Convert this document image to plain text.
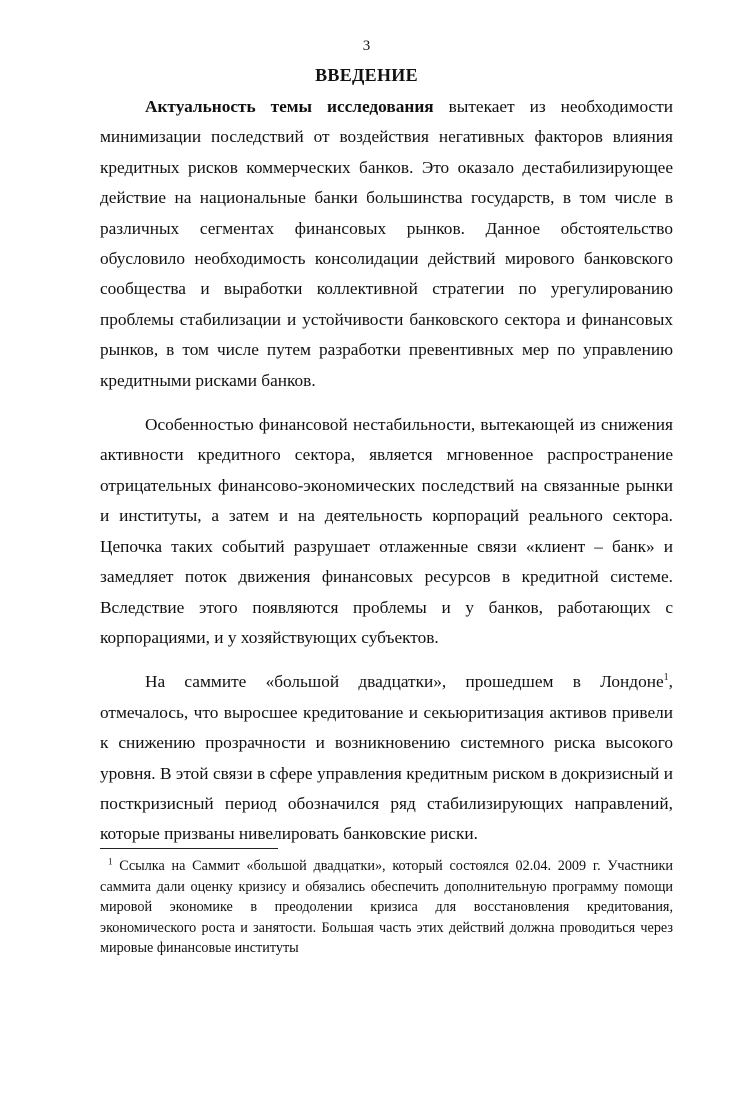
3
ВВЕДЕНИЕ

Актуальность темы исследования вытекает из необходимости минимизации последствий от воздействия негативных факторов влияния кредитных рисков коммерческих банков. Это оказало дестабилизирующее действие на национальные банки большинства государств, в том числе в различных сегментах финансовых рынков. Данное обстоятельство обусловило необходимость консолидации действий мирового банковского сообщества и выработки коллективной стратегии по урегулированию проблемы стабилизации и устойчивости банковского сектора и финансовых рынков, в том числе путем разработки превентивных мер по управлению кредитными рисками банков.

Особенностью финансовой нестабильности, вытекающей из снижения активности кредитного сектора, является мгновенное распространение отрицательных финансово-экономических последствий на связанные рынки и институты, а затем и на деятельность корпораций реального сектора. Цепочка таких событий разрушает отлаженные связи «клиент – банк» и замедляет поток движения финансовых ресурсов в кредитной системе. Вследствие этого появляются проблемы и у банков, работающих с корпорациями, и у хозяйствующих субъектов.

На саммите «большой двадцатки», прошедшем в Лондоне$^1$, отмечалось, что выросшее кредитование и секьюритизация активов привели к снижению прозрачности и возникновению системного риска высокого уровня. В этой связи в сфере управления кредитным риском в докризисный и посткризисный период обозначился ряд стабилизирующих направлений, которые призваны нивелировать банковские риски.

$^1$ Ссылка на Саммит «большой двадцатки», который состоялся 02.04. 2009 г. Участники саммита дали оценку кризису и обязались обеспечить дополнительную программу помощи мировой экономике в преодолении кризиса для восстановления кредитования, экономического роста и занятости. Большая часть этих действий должна проводиться через мировые финансовые институты
